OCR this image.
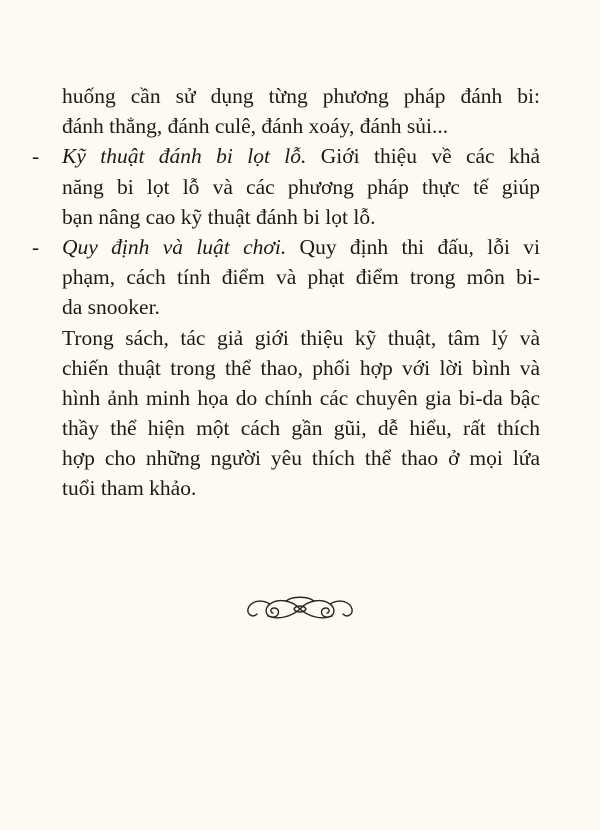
huống cần sử dụng từng phương pháp đánh bi:
đánh thẳng, đánh culê, đánh xoáy, đánh sủi...
- Kỹ thuật đánh bi lọt lỗ. Giới thiệu về các khả
năng bi lọt lỗ và các phương pháp thực tế giúp
bạn nâng cao kỹ thuật đánh bi lọt lỗ.
- Quy định và luật chơi. Quy định thi đấu, lỗi vi
phạm, cách tính điểm và phạt điểm trong môn bi-
da snooker.
Trong sách, tác giả giới thiệu kỹ thuật, tâm lý và
chiến thuật trong thể thao, phối hợp với lời bình và
hình ảnh minh họa do chính các chuyên gia bi-da bậc
thầy thể hiện một cách gần gũi, dễ hiểu, rất thích
hợp cho những người yêu thích thể thao ở mọi lứa
tuổi tham khảo.
